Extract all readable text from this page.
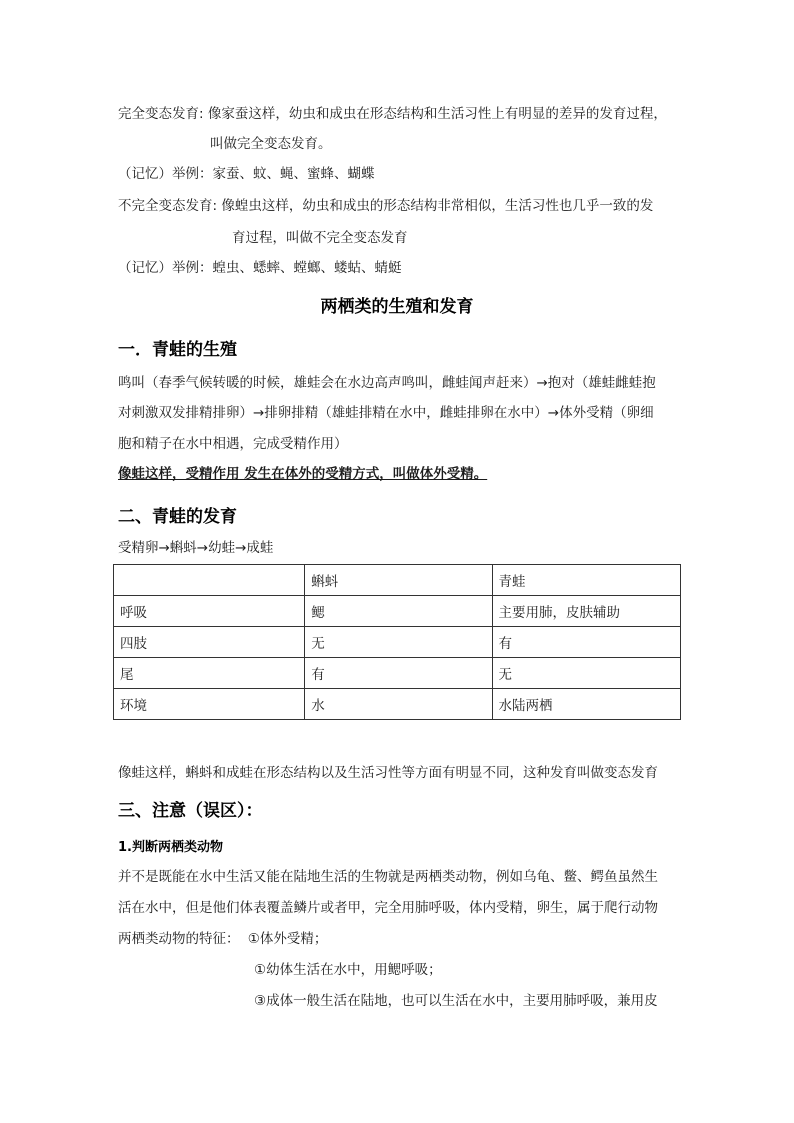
完全变态发育: 像家蚕这样，幼虫和成虫在形态结构和生活习性上有明显的差异的发育过程，
叫做完全变态发育。
（记忆）举例：家蚕、蚊、蝇、蜜蜂、蝴蝶
不完全变态发育: 像蝗虫这样，幼虫和成虫的形态结构非常相似，生活习性也几乎一致的发
育过程，叫做不完全变态发育
（记忆）举例：蝗虫、蟋蟀、螳螂、蝼蛄、蜻蜓
两栖类的生殖和发育
一．青蛙的生殖
鸣叫（春季气候转暖的时候，雄蛙会在水边高声鸣叫，雌蛙闻声赶来）→抱对（雄蛙雌蛙抱
对刺激双发排精排卵）→排卵排精（雄蛙排精在水中，雌蛙排卵在水中）→体外受精（卵细
胞和精子在水中相遇，完成受精作用）
像蛙这样，受精作用 发生在体外的受精方式，叫做体外受精。
二、青蛙的发育
受精卵→蝌蚪→幼蛙→成蛙
	蝌蚪	青蛙
呼吸	鳃	主要用肺，皮肤辅助
四肢	无	有
尾	有	无
环境	水	水陆两栖
像蛙这样，蝌蚪和成蛙在形态结构以及生活习性等方面有明显不同，这种发育叫做变态发育
三、注意（误区）：
1.判断两栖类动物
并不是既能在水中生活又能在陆地生活的生物就是两栖类动物，例如乌龟、鳖、鳄鱼虽然生
活在水中，但是他们体表覆盖鳞片或者甲，完全用肺呼吸，体内受精，卵生，属于爬行动物
两栖类动物的特征： ①体外受精；
①幼体生活在水中，用鳃呼吸；
③成体一般生活在陆地，也可以生活在水中，主要用肺呼吸，兼用皮
